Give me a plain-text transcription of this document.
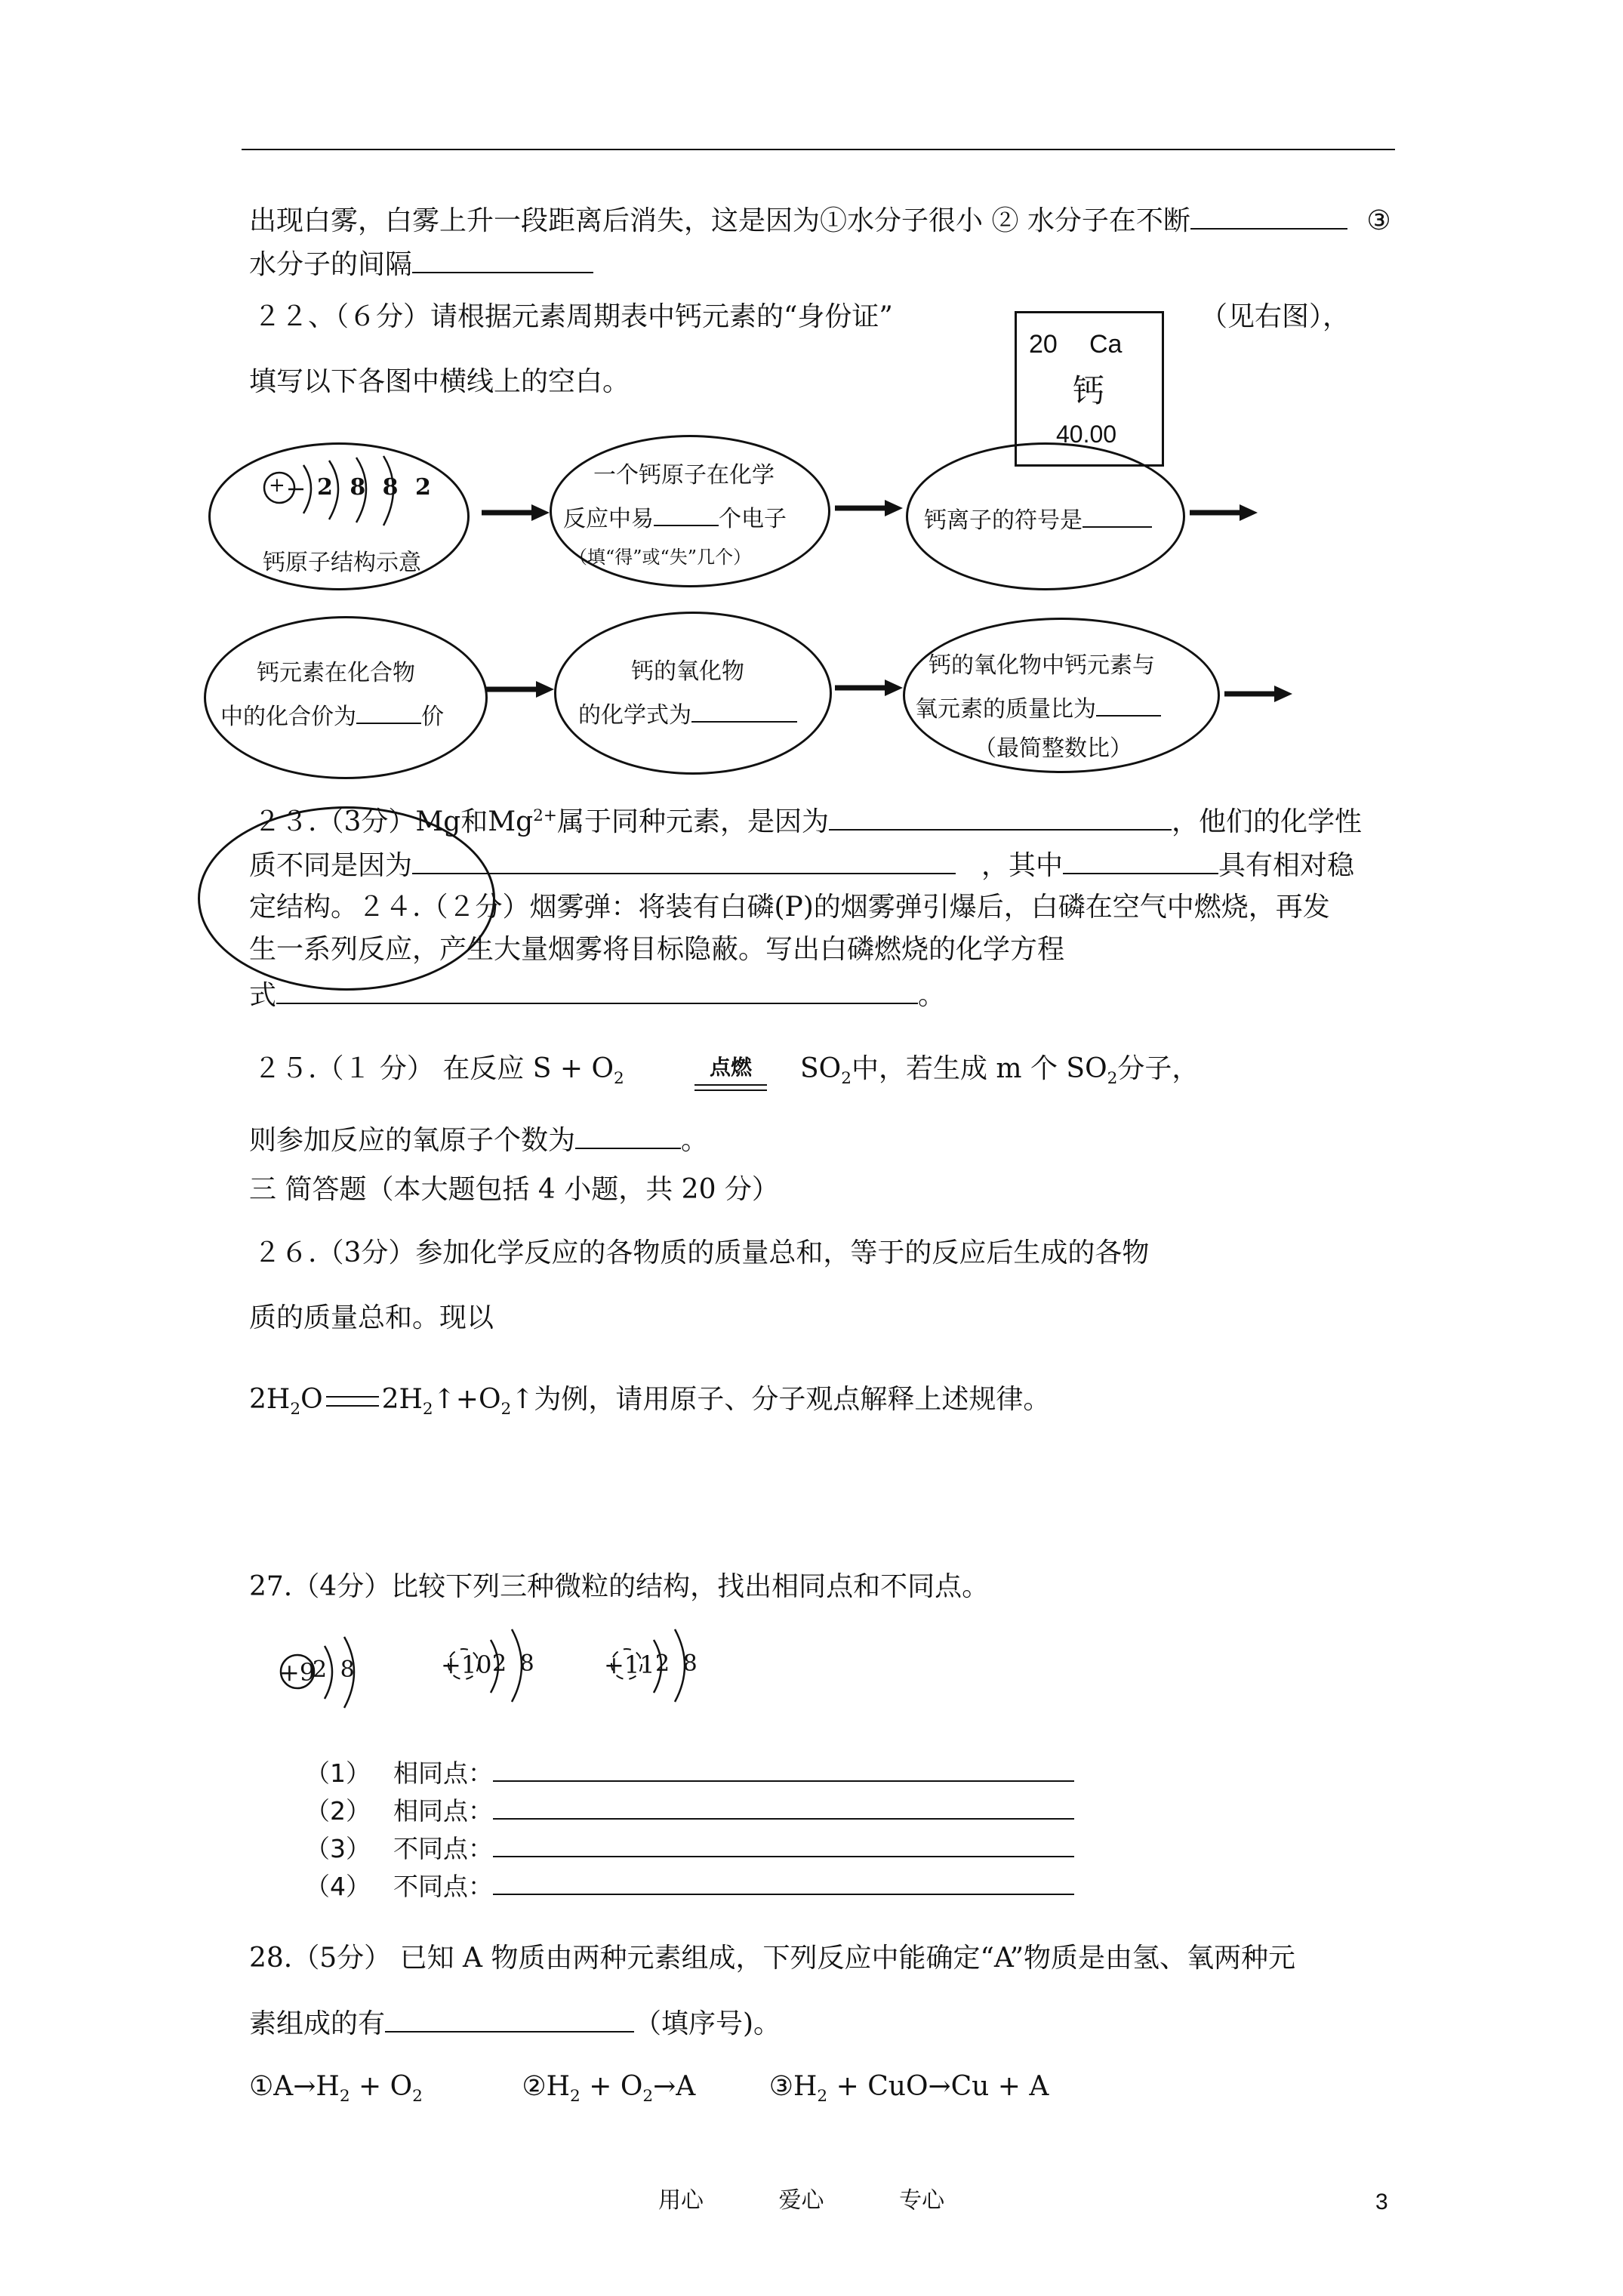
出现白雾，白雾上升一段距离后消失，这是因为①水分子很小 ② 水分子在不断	③
水分子的间隔
２２、（６分）请根据元素周期表中钙元素的“身份证”	（见右图），
填写以下各图中横线上的空白。
20 Ca
钙
40.00
+ 2 8 8 2
钙原子结构示意
一个钙原子在化学
反应中易	个电子
（填“得”或“失”几个）
钙离子的符号是
钙元素在化合物
中的化合价为	价
钙的氧化物
的化学式为
钙的氧化物中钙元素与
氧元素的质量比为
（最简整数比）
２３.（3分）Mg和$Mg^{2+}$属于同种元素，是因为	，他们的化学性
质不同是因为	，其中	具有相对稳
定结构。２４.（２分）烟雾弹：将装有白磷(P)的烟雾弹引爆后，白磷在空气中燃烧，再发
生一系列反应，产生大量烟雾将目标隐蔽。写出白磷燃烧的化学方程
式	。
２５.（１ 分） 在反应 $S + O_2$	点燃	$SO_2$中，若生成 m 个 $SO_2$分子，
则参加反应的氧原子个数为	。
三 简答题（本大题包括 4 小题，共 20 分）
２６.（3分）参加化学反应的各物质的质量总和，等于的反应后生成的各物
质的质量总和。现以
$2H_2O$ $2H_2↑+O_2↑$为例，请用原子、分子观点解释上述规律。
27.（4分）比较下列三种微粒的结构，找出相同点和不同点。
+9
2 8	+10 2 8	+11 2 8
（1） 相同点：
（2） 相同点：
（3） 不同点：
（4） 不同点：
28.（5分） 已知 A 物质由两种元素组成，下列反应中能确定“A”物质是由氢、氧两种元
素组成的有	（填序号)。
$①A\to H_2 + O_2$	$②H_2 + O_2\to A$	$③H_2 + CuO\to Cu + A$
用心	爱心	专心	3
